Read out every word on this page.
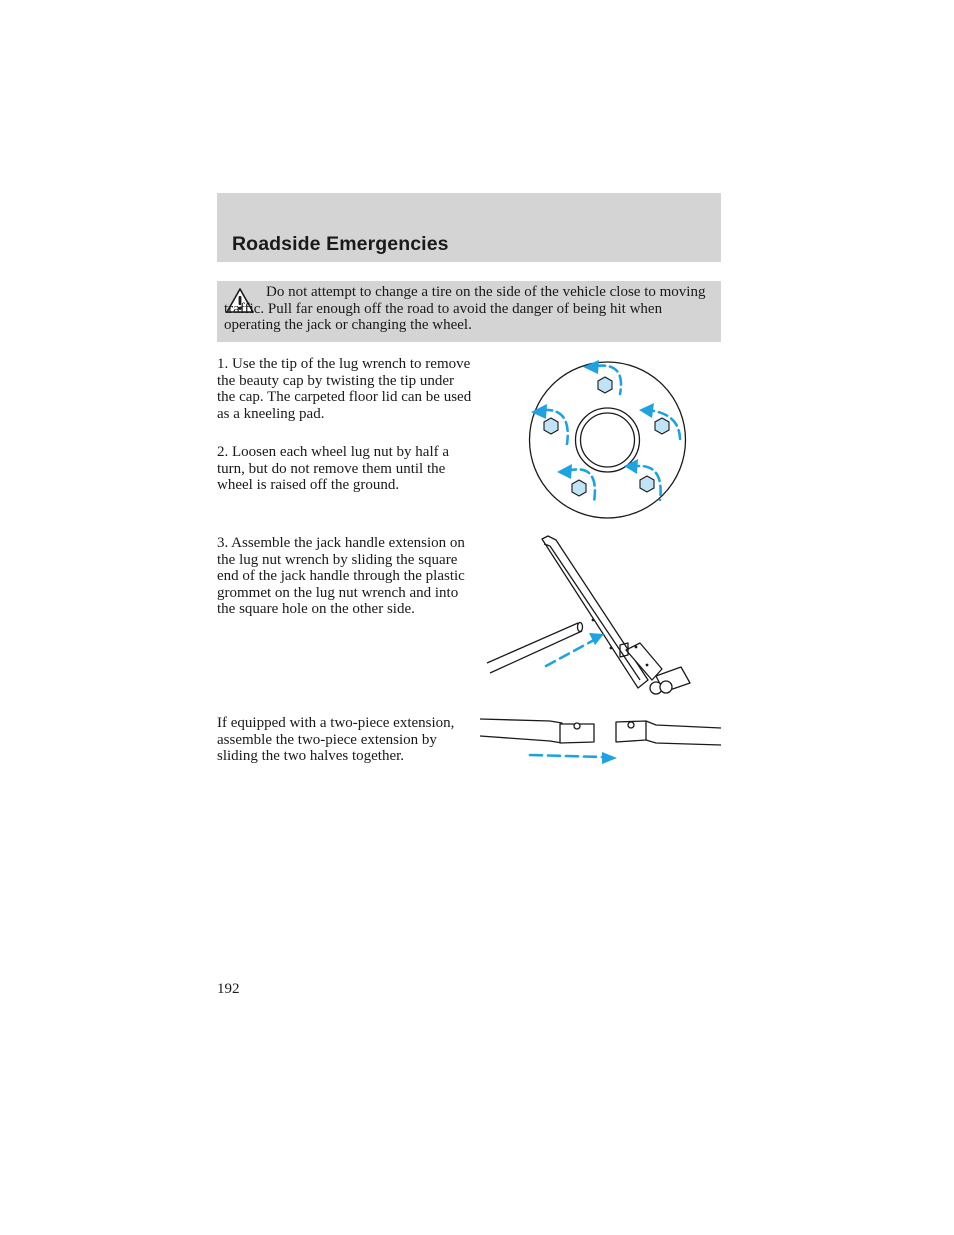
Roadside Emergencies

Do not attempt to change a tire on the side of the vehicle close to moving traffic. Pull far enough off the road to avoid the danger of being hit when operating the jack or changing the wheel.

1. Use the tip of the lug wrench to remove the beauty cap by twisting the tip under the cap. The carpeted floor lid can be used as a kneeling pad.

2. Loosen each wheel lug nut by half a turn, but do not remove them until the wheel is raised off the ground.

3. Assemble the jack handle extension on the lug nut wrench by sliding the square end of the jack handle through the plastic grommet on the lug nut wrench and into the square hole on the other side.

If equipped with a two-piece extension, assemble the two-piece extension by sliding the two halves together.

192
